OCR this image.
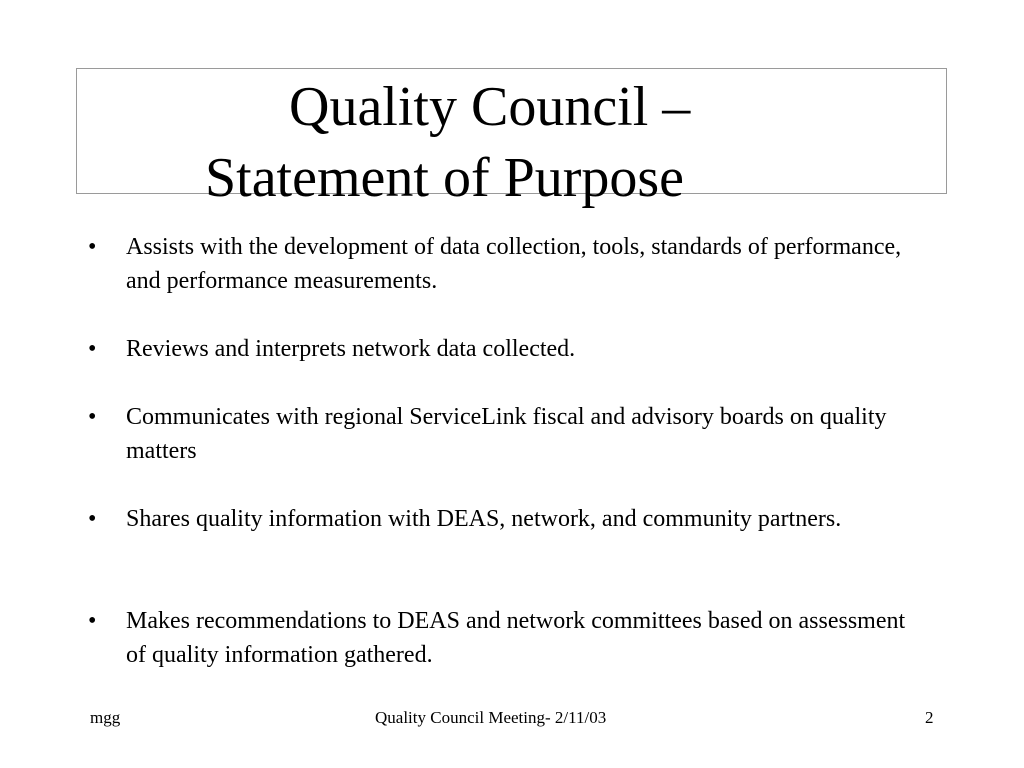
Quality Council –
Statement of Purpose
• Assists with the development of data collection, tools, standards of performance, and performance measurements.
• Reviews and interprets network data collected.
• Communicates with regional ServiceLink fiscal and advisory boards on quality matters
• Shares quality information with DEAS, network, and community partners.
• Makes recommendations to DEAS and network committees based on assessment of quality information gathered.
mgg	Quality Council Meeting- 2/11/03	2
